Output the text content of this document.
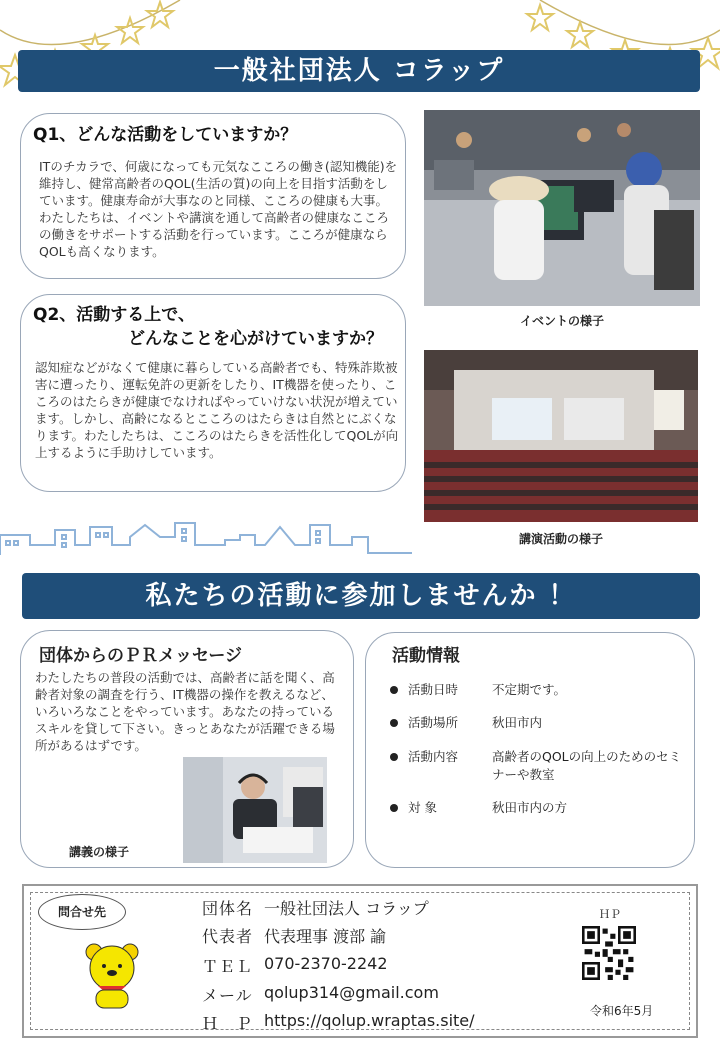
一般社団法人 コラップ
Q1、どんな活動をしていますか？
ITのチカラで、何歳になっても元気なこころの働き(認知機能)を維持し、健常高齢者のQOL(生活の質)の向上を目指す活動をしています。健康寿命が大事なのと同様、こころの健康も大事。わたしたちは、イベントや講演を通して高齢者の健康なこころの働きをサポートする活動を行っています。こころが健康ならQOLも高くなります。
Q2、活動する上で、
どんなことを心がけていますか？
認知症などがなくて健康に暮らしている高齢者でも、特殊詐欺被害に遭ったり、運転免許の更新をしたり、IT機器を使ったり、こころのはたらきが健康でなければやっていけない状況が増えています。しかし、高齢になるとこころのはたらきは自然とにぶくなります。わたしたちは、こころのはたらきを活性化してQOLが向上するように手助けしています。
イベントの様子
講演活動の様子
私たちの活動に参加しませんか ！
団体からのＰＲメッセージ
わたしたちの普段の活動では、高齢者に話を聞く、高齢者対象の調査を行う、IT機器の操作を教えるなど、いろいろなことをやっています。あなたの持っているスキルを貸して下さい。きっとあなたが活躍できる場所があるはずです。
講義の様子
活動情報
活動日時	不定期です。
活動場所	秋田市内
活動内容	高齢者のQOLの向上のためのセミナーや教室
対 象	秋田市内の方
問合せ先	団体名 一般社団法人 コラップ
代表者 代表理事 渡部 諭
ＴＥＬ 070-2370-2242
メール qolup314@gmail.com
Ｈ　Ｐ https://qolup.wraptas.site/
ＨＰ
令和6年5月
